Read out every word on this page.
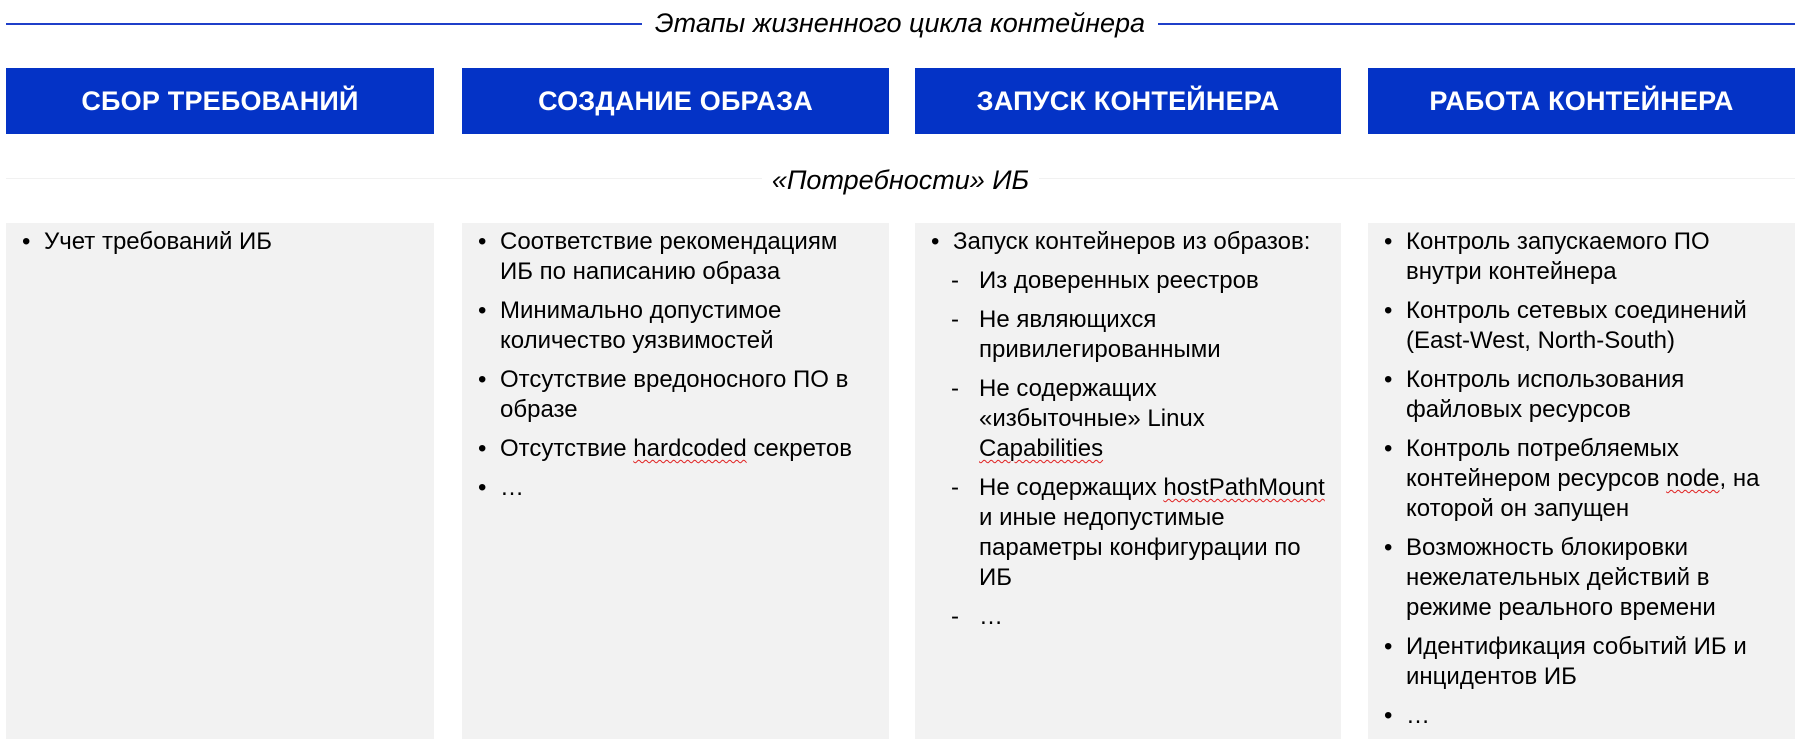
Этапы жизненного цикла контейнера
СБОР ТРЕБОВАНИЙ	СОЗДАНИЕ ОБРАЗА	ЗАПУСК КОНТЕЙНЕРА	РАБОТА КОНТЕЙНЕРА
«Потребности» ИБ
• Учет требований ИБ
•	Соответствие рекомендациям ИБ по написанию образа
• Минимально допустимое количество уязвимостей
• Отсутствие вредоносного ПО в образе
• Отсутствие hardcoded секретов
• …
• Запуск контейнеров из образов:
- Из доверенных реестров
- Не являющихся привилегированными
- Не содержащих «избыточные» Linux Capabilities
- Не содержащих hostPathMount и иные недопустимые параметры конфигурации по ИБ
- …
• Контроль запускаемого ПО внутри контейнера
• Контроль сетевых соединений (East-West, North-South)
• Контроль использования файловых ресурсов
• Контроль потребляемых контейнером ресурсов node, на которой он запущен
• Возможность блокировки нежелательных действий в режиме реального времени
• Идентификация событий ИБ и инцидентов ИБ
• …
